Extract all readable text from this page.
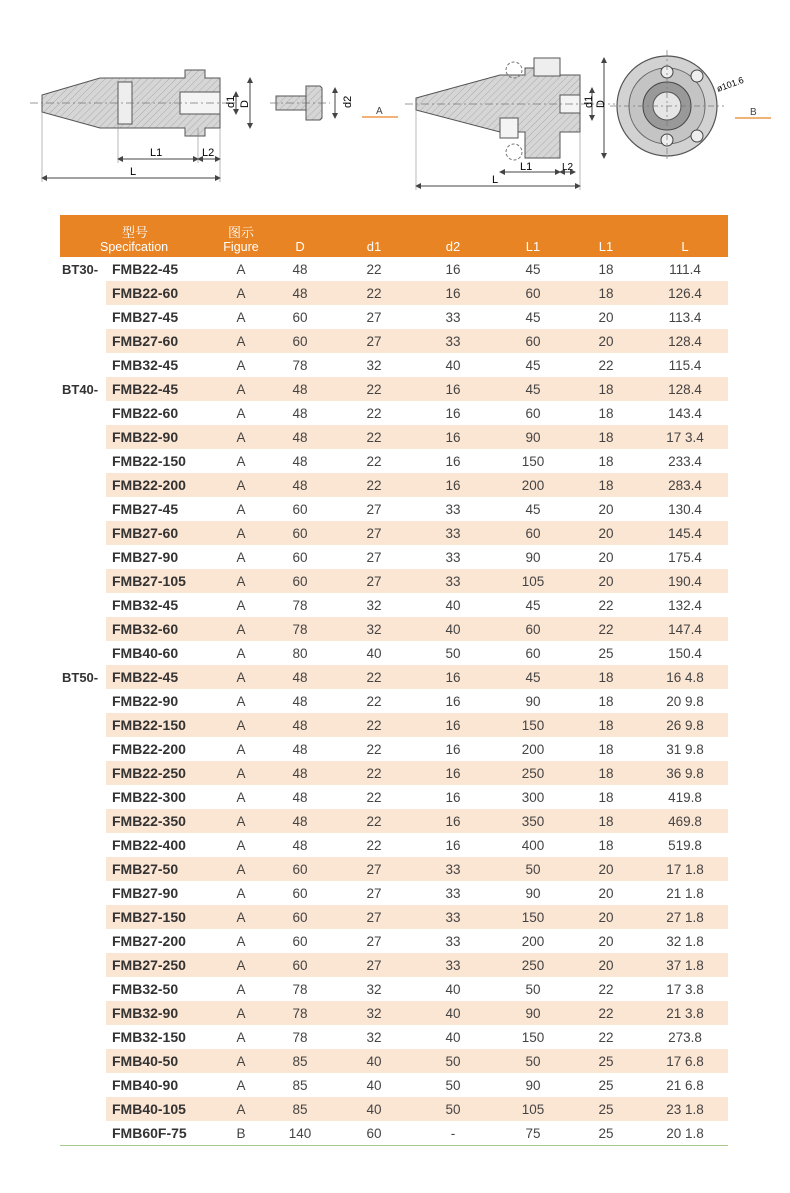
d1 D
L1	L2
L
d2
A
d1 D
L1	L2
L
ø101.6
B
型号
Specifcation		图示
Figure	D	d1	d2	L1	L1	L
BT30-	FMB22-45	A	48	22	16	45	18	111.4
	FMB22-60	A	48	22	16	60	18	126.4
	FMB27-45	A	60	27	33	45	20	113.4
	FMB27-60	A	60	27	33	60	20	128.4
	FMB32-45	A	78	32	40	45	22	115.4
BT40-	FMB22-45	A	48	22	16	45	18	128.4
	FMB22-60	A	48	22	16	60	18	143.4
	FMB22-90	A	48	22	16	90	18	17 3.4
	FMB22-150	A	48	22	16	150	18	233.4
	FMB22-200	A	48	22	16	200	18	283.4
	FMB27-45	A	60	27	33	45	20	130.4
	FMB27-60	A	60	27	33	60	20	145.4
	FMB27-90	A	60	27	33	90	20	175.4
	FMB27-105	A	60	27	33	105	20	190.4
	FMB32-45	A	78	32	40	45	22	132.4
	FMB32-60	A	78	32	40	60	22	147.4
	FMB40-60	A	80	40	50	60	25	150.4
BT50-	FMB22-45	A	48	22	16	45	18	16 4.8
	FMB22-90	A	48	22	16	90	18	20 9.8
	FMB22-150	A	48	22	16	150	18	26 9.8
	FMB22-200	A	48	22	16	200	18	31 9.8
	FMB22-250	A	48	22	16	250	18	36 9.8
	FMB22-300	A	48	22	16	300	18	419.8
	FMB22-350	A	48	22	16	350	18	469.8
	FMB22-400	A	48	22	16	400	18	519.8
	FMB27-50	A	60	27	33	50	20	17 1.8
	FMB27-90	A	60	27	33	90	20	21 1.8
	FMB27-150	A	60	27	33	150	20	27 1.8
	FMB27-200	A	60	27	33	200	20	32 1.8
	FMB27-250	A	60	27	33	250	20	37 1.8
	FMB32-50	A	78	32	40	50	22	17 3.8
	FMB32-90	A	78	32	40	90	22	21 3.8
	FMB32-150	A	78	32	40	150	22	273.8
	FMB40-50	A	85	40	50	50	25	17 6.8
	FMB40-90	A	85	40	50	90	25	21 6.8
	FMB40-105	A	85	40	50	105	25	23 1.8
	FMB60F-75	B	140	60	-	75	25	20 1.8
